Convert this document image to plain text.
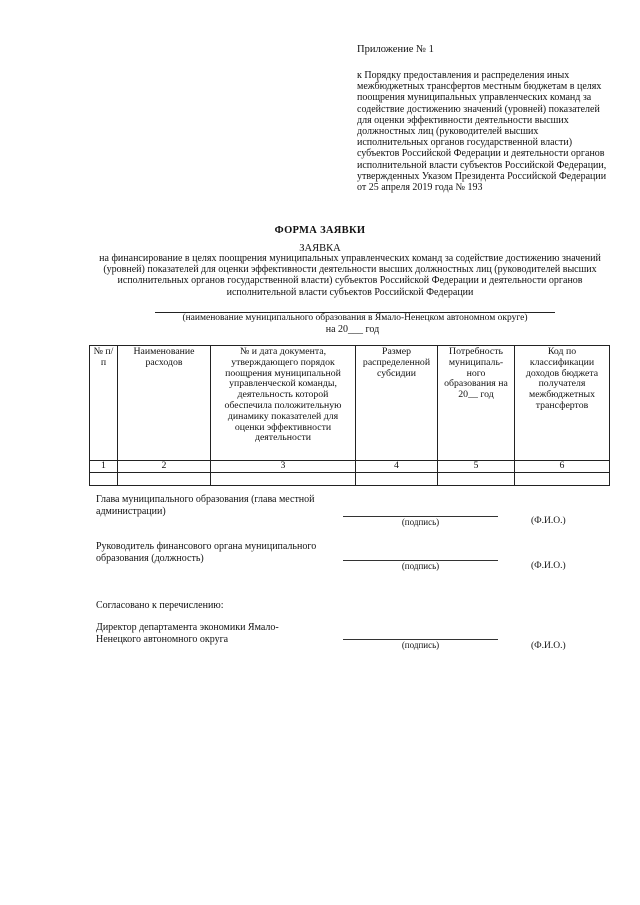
Приложение № 1
к Порядку предоставления и распределения иных межбюджетных трансфертов местным бюджетам в целях поощрения муниципальных управленческих команд за содействие достижению значений (уровней) показателей для оценки эффективности деятельности высших должностных лиц (руководителей высших исполнительных органов государственной власти) субъектов Российской Федерации и деятельности органов исполнительной власти субъектов Российской Федерации, утвержденных Указом Президента Российской Федерации от 25 апреля 2019 года № 193
ФОРМА ЗАЯВКИ
ЗАЯВКА
на финансирование в целях поощрения муниципальных управленческих команд за содействие достижению значений (уровней) показателей для оценки эффективности деятельности высших должностных лиц (руководителей высших исполнительных органов государственной власти) субъектов Российской Федерации и деятельности органов исполнительной власти субъектов Российской Федерации
(наименование муниципального образования в Ямало-Ненецком автономном округе)
на 20___ год
№ п/п	Наименование расходов	№ и дата документа, утверждающего порядок поощрения муниципальной управленческой команды, деятельность которой обеспечила положительную динамику показателей для оценки эффективности деятельности	Размер распределенной субсидии	Потребность муниципаль-ного образования на 20__ год	Код по классификации доходов бюджета получателя межбюджетных трансфертов
1	2	3	4	5	6

Глава муниципального образования (глава местной администрации)
(подпись)	(Ф.И.О.)
Руководитель финансового органа муниципального образования (должность)
(подпись)	(Ф.И.О.)
Согласовано к перечислению:
Директор департамента экономики Ямало-Ненецкого автономного округа
(подпись)	(Ф.И.О.)
